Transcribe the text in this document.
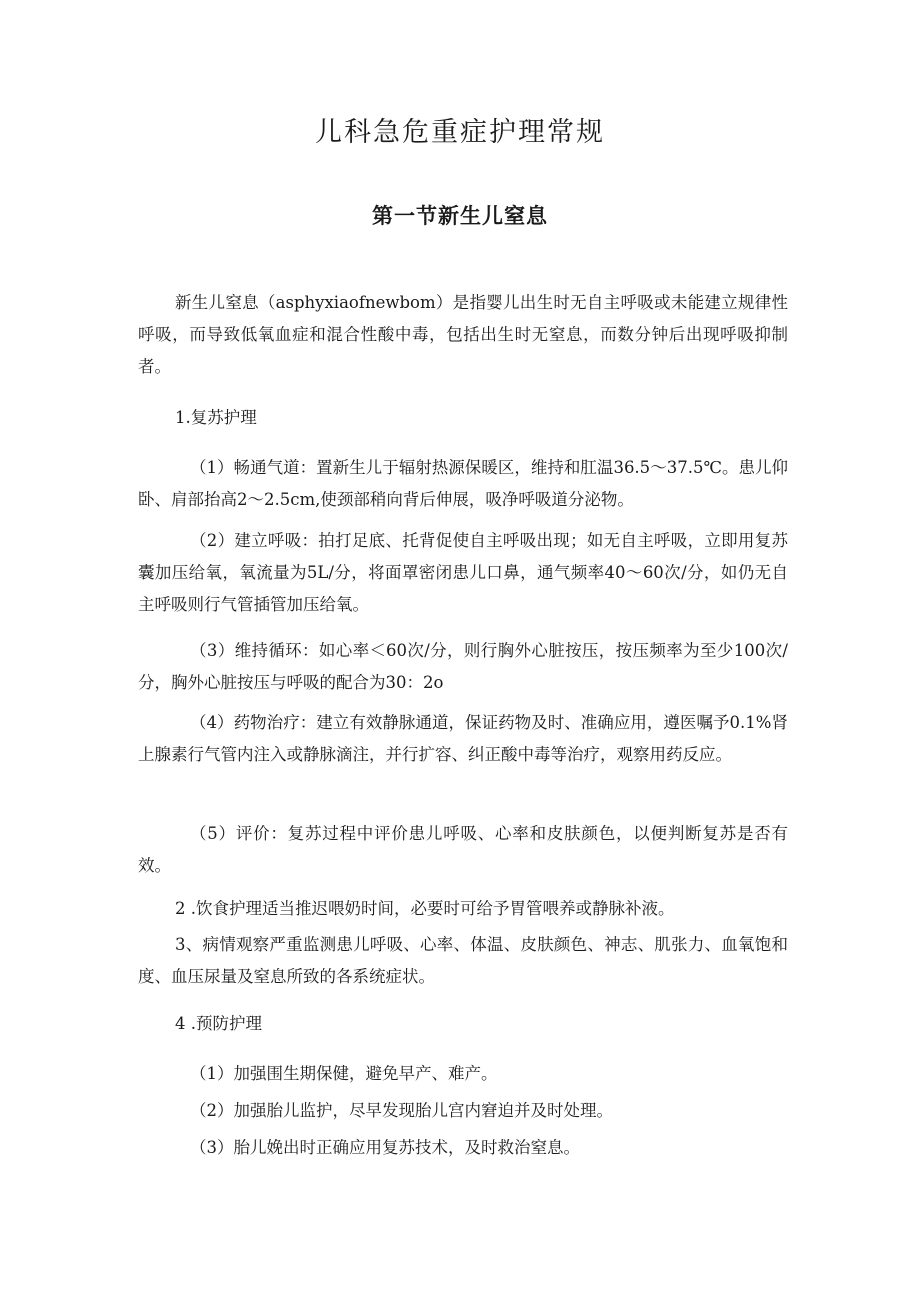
儿科急危重症护理常规
第一节新生儿窒息

新生儿窒息（asphyxiaofnewbom）是指婴儿出生时无自主呼吸或未能建立规律性呼吸，而导致低氧血症和混合性酸中毒，包括出生时无窒息，而数分钟后出现呼吸抑制者。

1.复苏护理

（1）畅通气道：置新生儿于辐射热源保暖区，维持和肛温36.5～37.5℃。患儿仰卧、肩部抬高2～2.5cm,使颈部稍向背后伸展，吸净呼吸道分泌物。

（2）建立呼吸：拍打足底、托背促使自主呼吸出现；如无自主呼吸，立即用复苏囊加压给氧，氧流量为5L/分，将面罩密闭患儿口鼻，通气频率40～60次/分，如仍无自主呼吸则行气管插管加压给氧。

（3）维持循环：如心率＜60次/分，则行胸外心脏按压，按压频率为至少100次/分，胸外心脏按压与呼吸的配合为30：2o

（4）药物治疗：建立有效静脉通道，保证药物及时、准确应用，遵医嘱予0.1%肾上腺素行气管内注入或静脉滴注，并行扩容、纠正酸中毒等治疗，观察用药反应。

（5）评价：复苏过程中评价患儿呼吸、心率和皮肤颜色，以便判断复苏是否有效。

2 .饮食护理适当推迟喂奶时间，必要时可给予胃管喂养或静脉补液。

3、病情观察严重监测患儿呼吸、心率、体温、皮肤颜色、神志、肌张力、血氧饱和度、血压尿量及窒息所致的各系统症状。

4 .预防护理

（1）加强围生期保健，避免早产、难产。

（2）加强胎儿监护，尽早发现胎儿宫内窘迫并及时处理。

（3）胎儿娩出时正确应用复苏技术，及时救治窒息。
